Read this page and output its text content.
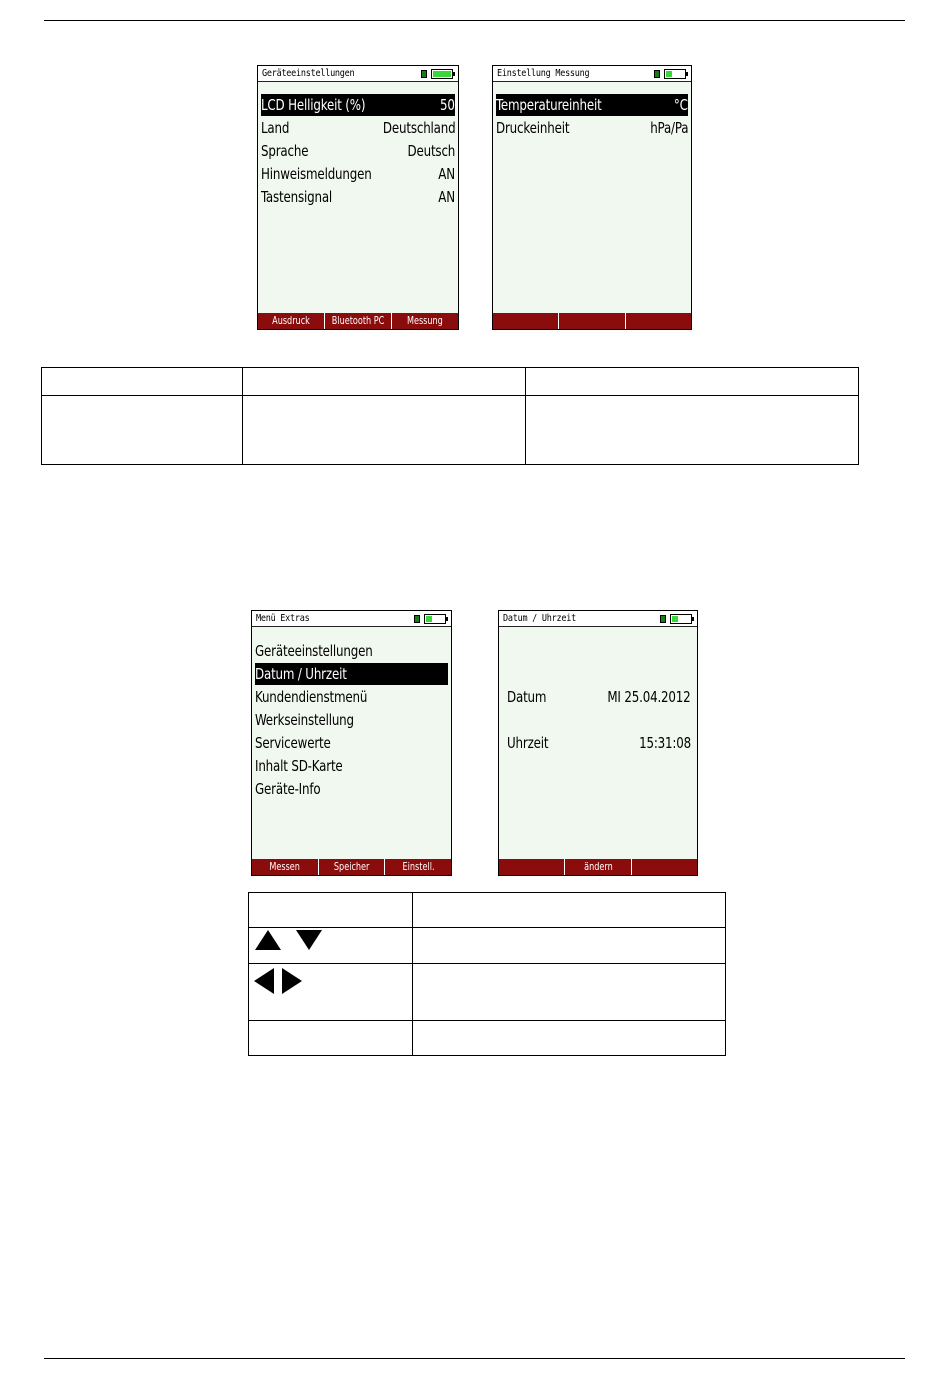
Geräteeinstellungen
LCD Helligkeit (%)	50
Land	Deutschland
Sprache	Deutsch
Hinweismeldungen	AN
Tastensignal	AN
Ausdruck	Bluetooth PC	Messung
Einstellung Messung
Temperatureinheit	°C
Druckeinheit	hPa/Pa

Menü Extras
Geräteeinstellungen
Datum / Uhrzeit
Kundendienstmenü
Werkseinstellung
Servicewerte
Inhalt SD-Karte
Geräte-Info
Messen	Speicher	Einstell.
Datum / Uhrzeit
Datum	MI 25.04.2012
Uhrzeit	15:31:08
ändern
